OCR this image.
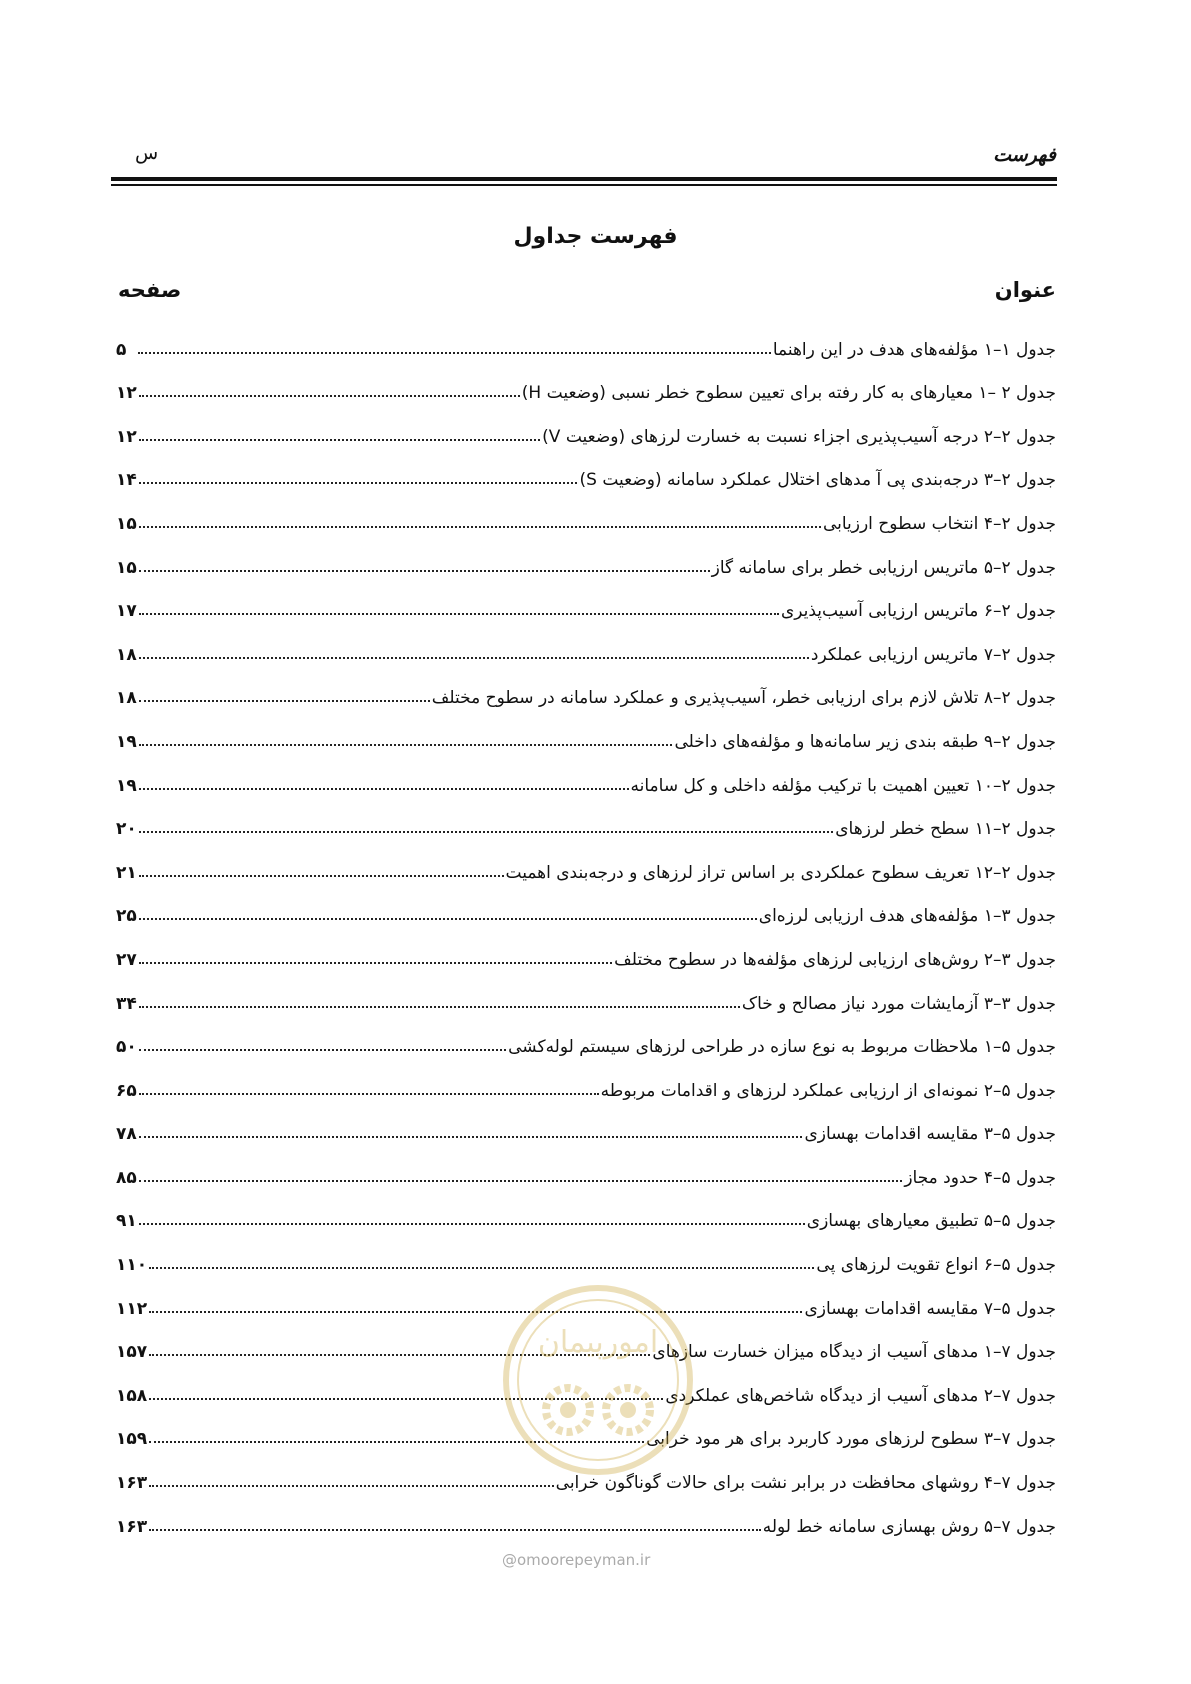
فهرست
س
فهرست جداول
عنوان
صفحه
جدول ۱–۱ مؤلفه‌های هدف در این راهنما
۵
جدول ۲ –۱ معیارهای به کار رفته برای تعیین سطوح خطر نسبی (وضعیت H)
۱۲
جدول ۲–۲ درجه آسیب‌پذیری اجزاء نسبت به خسارت لرزهای (وضعیت V)
۱۲
جدول ۲–۳ درجه‌بندی پی آ مدهای اختلال عملکرد سامانه (وضعیت S)
۱۴
جدول ۲–۴ انتخاب سطوح ارزیابی
۱۵
جدول ۲–۵ ماتریس ارزیابی خطر برای سامانه گاز
۱۵
جدول ۲–۶ ماتریس ارزیابی آسیب‌پذیری
۱۷
جدول ۲–۷ ماتریس ارزیابی عملکرد
۱۸
جدول ۲–۸ تلاش لازم برای ارزیابی خطر، آسیب‌پذیری و عملکرد سامانه در سطوح مختلف
۱۸
جدول ۲–۹ طبقه بندی زیر سامانه‌ها و مؤلفه‌های داخلی
۱۹
جدول ۲–۱۰ تعیین اهمیت با ترکیب مؤلفه داخلی و کل سامانه
۱۹
جدول ۲–۱۱ سطح خطر لرزهای
۲۰
جدول ۲–۱۲ تعریف سطوح عملکردی بر اساس تراز لرزهای و درجه‌بندی اهمیت
۲۱
جدول ۳–۱ مؤلفه‌های هدف ارزیابی لرزه‌ای
۲۵
جدول ۳–۲ روش‌های ارزیابی لرزهای مؤلفه‌ها در سطوح مختلف
۲۷
جدول ۳–۳ آزمایشات مورد نیاز مصالح و خاک
۳۴
جدول ۵–۱ ملاحظات مربوط به نوع سازه در طراحی لرزهای سیستم لوله‌کشی
۵۰
جدول ۵–۲ نمونه‌ای از ارزیابی عملکرد لرزهای و اقدامات مربوطه
۶۵
جدول ۵–۳ مقایسه اقدامات بهسازی
۷۸
جدول ۵–۴ حدود مجاز
۸۵
جدول ۵–۵ تطبیق معیارهای بهسازی
۹۱
جدول ۵–۶ انواع تقویت لرزهای پی
۱۱۰
جدول ۵–۷ مقایسه اقدامات بهسازی
۱۱۲
جدول ۷–۱ مدهای آسیب از دیدگاه میزان خسارت سازهای
۱۵۷
جدول ۷–۲ مدهای آسیب از دیدگاه شاخص‌های عملکردی
۱۵۸
جدول ۷–۳ سطوح لرزهای مورد کاربرد برای هر مود خرابی
۱۵۹
جدول ۷–۴ روشهای محافظت در برابر نشت برای حالات گوناگون خرابی
۱۶۳
جدول ۷–۵ روش بهسازی سامانه خط لوله
۱۶۳
امورپیمان
@omoorepeyman.ir
